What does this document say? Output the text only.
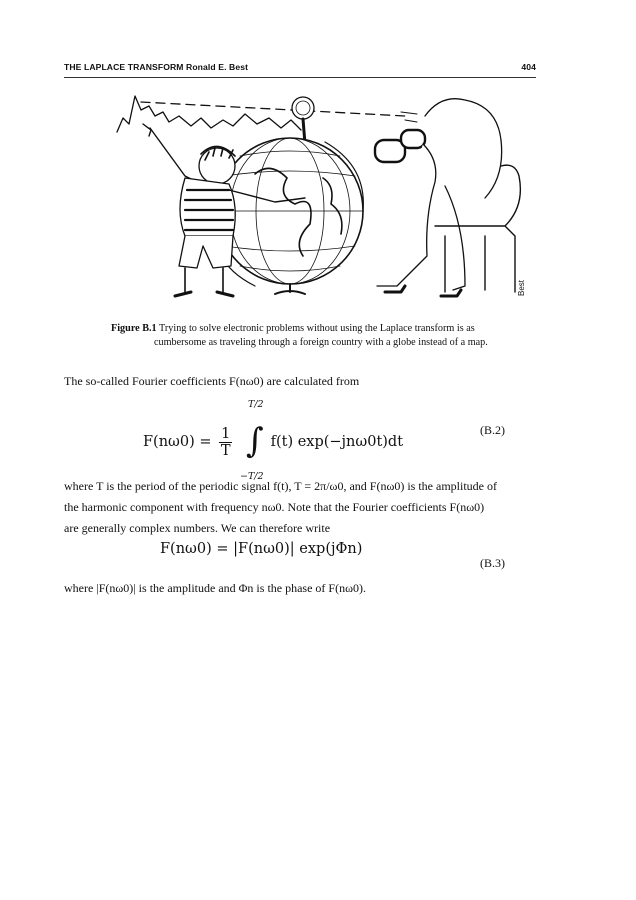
THE LAPLACE TRANSFORM Ronald E. Best	404
Best
Figure B.1 Trying to solve electronic problems without using the Laplace transform is as
cumbersome as traveling through a foreign country with a globe instead of a map.
The so-called Fourier coefficients F(nω0) are calculated from
$F(n\omega 0) = \frac{1}{T}$

T/2
∫
−T/2
f(t) exp(−jnω0t)dt
(B.2)
where T is the period of the periodic signal f(t), T = 2π/ω0, and F(nω0) is the amplitude of
the harmonic component with frequency nω0. Note that the Fourier coefficients F(nω0)
are generally complex numbers. We can therefore write
F(nω0) = |F(nω0)| exp(jΦn)
(B.3)
where |F(nω0)| is the amplitude and Φn is the phase of F(nω0).
